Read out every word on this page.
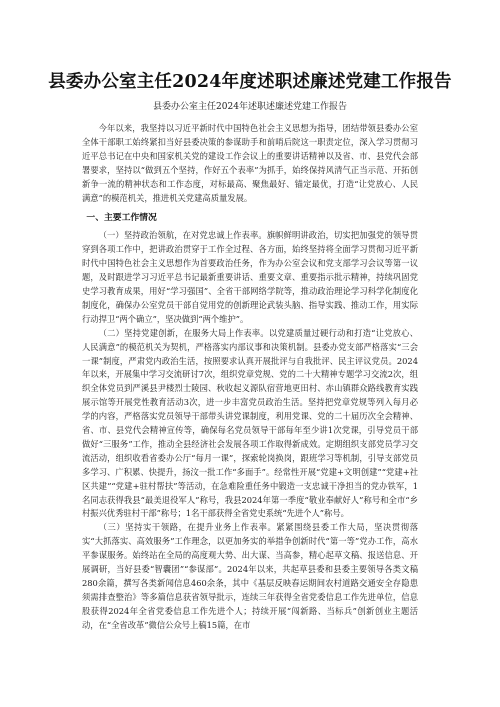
县委办公室主任2024年度述职述廉述党建工作报告
县委办公室主任2024年述职述廉述党建工作报告

今年以来，我坚持以习近平新时代中国特色社会主义思想为指导，团结带领县委办公室全体干部职工始终紧扣当好县委决策的参谋助手和前哨后院这一职责定位，深入学习贯彻习近平总书记在中央和国家机关党的建设工作会议上的重要讲话精神以及省、市、县党代会部署要求，坚持以“做到五个坚持，作好五个表率”为抓手，始终保持风清气正当示范、开拓创新争一流的精神状态和工作态度，对标最高、聚焦最好、锚定最优，打造“让党放心、人民满意”的模范机关，推进机关党建高质量发展。

一、主要工作情况

（一）坚持政治领航，在对党忠诚上作表率。旗帜鲜明讲政治，切实把加强党的领导贯穿到各项工作中，把讲政治贯穿于工作全过程、各方面，始终坚持将全面学习贯彻习近平新时代中国特色社会主义思想作为首要政治任务，作为办公室会议和党支部学习会议等第一议题，及时跟进学习习近平总书记最新重要讲话、重要文章、重要指示批示精神，持续巩固党史学习教育成果，用好“学习强国”、全省干部网络学院等，推动政治理论学习科学化制度化制度化，确保办公室党员干部自觉用党的创新理论武装头脑、指导实践、推动工作，用实际行动捍卫“两个确立”，坚决做到“两个维护”。

（二）坚持党建创新，在服务大局上作表率。以党建质量过硬行动和打造“让党放心、人民满意”的模范机关为契机，严格落实内部议事和决策机制。县委办党支部严格落实“三会一课”制度，严肃党内政治生活，按照要求认真开展批评与自我批评、民主评议党员。2024年以来，开展集中学习交流研讨7次，组织党章党规、党的二十大精神专题学习交流2次，组织全体党员到严溪县尹楼烈士陵园、秋收起义源队宿营地更田村、赤山镇群众路线教育实践展示馆等开展党性教育活动3次，进一步丰富党员政治生活。坚持把党章党规等列入每月必学的内容，严格落实党员领导干部带头讲党课制度，利用党课、党的二十届历次全会精神、省、市、县党代会精神宣传等，确保每名党员领导干部每年至少讲1次党课，引导党员干部做好“三服务”工作，推动全县经济社会发展各项工作取得新成效。定期组织支部党员学习交流活动，组织收看省委办公厅“每月一课”，探索轮岗换岗，跟班学习等机制，引导支部党员多学习、广积累、快提升，扬汶一批工作“多面手”。经常性开展“党建+文明创建”“党建+社区共建”“党建+驻村帮扶”等活动，在急难险重任务中锻造一支忠诚干净担当的党办铁军，1名同志获得我县“最美退役军人”称号，我县2024年第一季度“敬业奉献好人”称号和全市“乡村振兴优秀驻村干部”称号；1名干部获得全省党史系统“先进个人”称号。

（三）坚持实干领路，在提升业务上作表率。紧紧围绕县委工作大局，坚决贯彻落实“大抓落实、高效服务”工作理念，以更加务实的举措争创新时代“第一等”党办工作，高水平参谋服务。始终站在全局的高度观大势、出大谋、当高参，精心起草文稿、报送信息、开展调研，当好县委“智囊团”“参谋部”。2024年以来，共起草县委和县委主要领导各类文稿280余篇，撰写各类新闻信息460余条，其中《基层反映春运期间农村道路交通安全存隐患须需排查整治》等多篇信息获省领导批示，连续三年获得全省党委信息工作先进单位，信息股获得2024年全省党委信息工作先进个人；持续开展“闯新路、当标兵”创新创业主题活动，在“全省改革”微信公众号上稿15篇，在市
